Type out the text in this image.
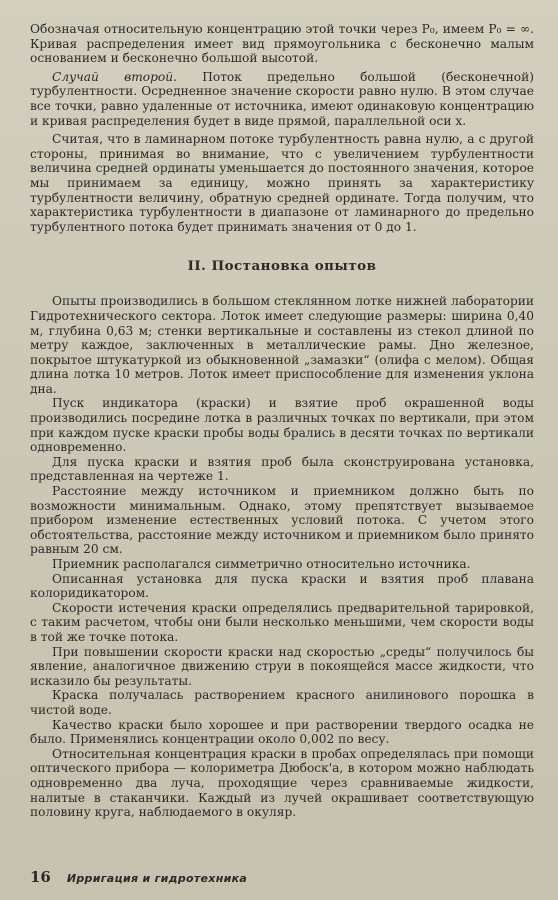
Обозначая относительную концентрацию этой точки через P₀, имеем P₀ = ∞. Кривая распределения имеет вид прямоугольника с бесконечно малым основанием и бесконечно большой высотой.

Случай второй. Поток предельно большой (бесконечной) турбулентности. Осредненное значение скорости равно нулю. В этом случае все точки, равно удаленные от источника, имеют одинаковую концентрацию и кривая распределения будет в виде прямой, параллельной оси x.

Считая, что в ламинарном потоке турбулентность равна нулю, а с другой стороны, принимая во внимание, что с увеличением турбулентности величина средней ординаты уменьшается до постоянного значения, которое мы принимаем за единицу, можно принять за характеристику турбулентности величину, обратную средней ординате. Тогда получим, что характеристика турбулентности в диапазоне от ламинарного до предельно турбулентного потока будет принимать значения от 0 до 1.

II. Постановка опытов

Опыты производились в большом стеклянном лотке нижней лаборатории Гидротехнического сектора. Лоток имеет следующие размеры: ширина 0,40 м, глубина 0,63 м; стенки вертикальные и составлены из стекол длиной по метру каждое, заключенных в металлические рамы. Дно железное, покрытое штукатуркой из обыкновенной „замазки“ (олифа с мелом). Общая длина лотка 10 метров. Лоток имеет приспособление для изменения уклона дна.

Пуск индикатора (краски) и взятие проб окрашенной воды производились посредине лотка в различных точках по вертикали, при этом при каждом пуске краски пробы воды брались в десяти точках по вертикали одновременно.

Для пуска краски и взятия проб была сконструирована установка, представленная на чертеже 1.

Расстояние между источником и приемником должно быть по возможности минимальным. Однако, этому препятствует вызываемое прибором изменение естественных условий потока. С учетом этого обстоятельства, расстояние между источником и приемником было принято равным 20 см.

Приемник располагался симметрично относительно источника.

Описанная установка для пуска краски и взятия проб плавана колоридикатором.

Скорости истечения краски определялись предварительной тарировкой, с таким расчетом, чтобы они были несколько меньшими, чем скорости воды в той же точке потока.

При повышении скорости краски над скоростью „среды“ получилось бы явление, аналогичное движению струи в покоящейся массе жидкости, что исказило бы результаты.

Краска получалась растворением красного анилинового порошка в чистой воде.

Качество краски было хорошее и при растворении твердого осадка не было. Применялись концентрации около 0,002 по весу.

Относительная концентрация краски в пробах определялась при помощи оптического прибора — колориметра Дюбоск'а, в котором можно наблюдать одновременно два луча, проходящие через сравниваемые жидкости, налитые в стаканчики. Каждый из лучей окрашивает соответствующую половину круга, наблюдаемого в окуляр.

16 Ирригация и гидротехника
